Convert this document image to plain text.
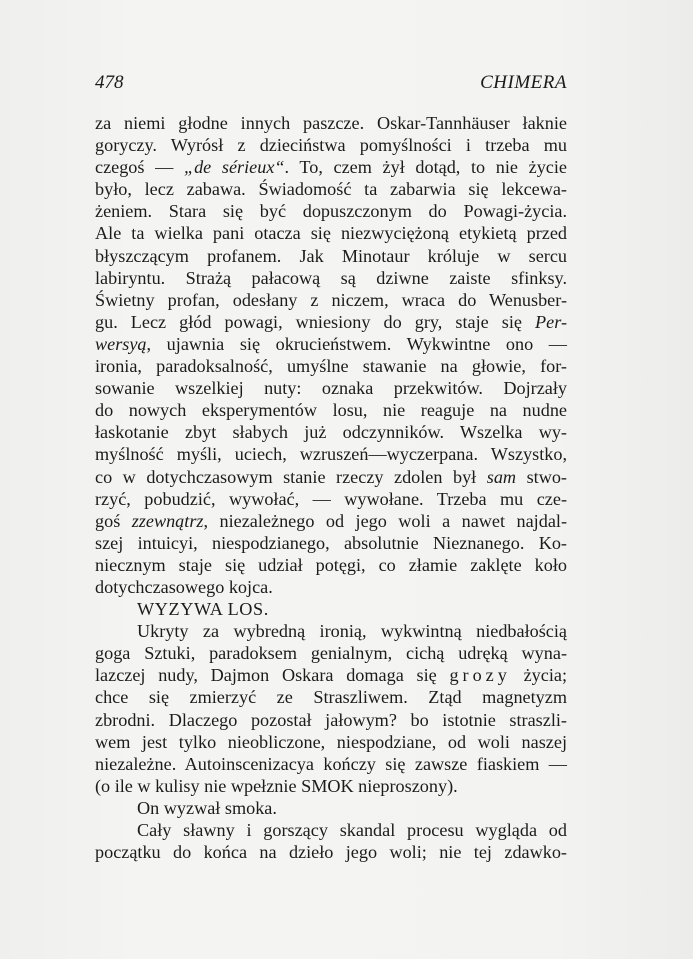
478	CHIMERA
za niemi głodne innych paszcze. Oskar-Tannhäuser łaknie
goryczy. Wyrósł z dzieciństwa pomyślności i trzeba mu
czegoś — „de sérieux“. To, czem żył dotąd, to nie życie
było, lecz zabawa. Świadomość ta zabarwia się lekcewa-
żeniem. Stara się być dopuszczonym do Powagi-życia.
Ale ta wielka pani otacza się niezwyciężoną etykietą przed
błyszczącym profanem. Jak Minotaur króluje w sercu
labiryntu. Strażą pałacową są dziwne zaiste sfinksy.
Świetny profan, odesłany z niczem, wraca do Wenusber-
gu. Lecz głód powagi, wniesiony do gry, staje się Per-
wersyą, ujawnia się okrucieństwem. Wykwintne ono —
ironia, paradoksalność, umyślne stawanie na głowie, for-
sowanie wszelkiej nuty: oznaka przekwitów. Dojrzały
do nowych eksperymentów losu, nie reaguje na nudne
łaskotanie zbyt słabych już odczynników. Wszelka wy-
myślność myśli, uciech, wzruszeń—wyczerpana. Wszystko,
co w dotychczasowym stanie rzeczy zdolen był sam stwo-
rzyć, pobudzić, wywołać, — wywołane. Trzeba mu cze-
goś zzewnątrz, niezależnego od jego woli a nawet najdal-
szej intuicyi, niespodzianego, absolutnie Nieznanego. Ko-
niecznym staje się udział potęgi, co złamie zaklęte koło
dotychczasowego kojca.
WYZYWA LOS.
Ukryty za wybredną ironią, wykwintną niedbałością
goga Sztuki, paradoksem genialnym, cichą udręką wyna-
lazczej nudy, Dajmon Oskara domaga się grozy życia;
chce się zmierzyć ze Straszliwem. Ztąd magnetyzm
zbrodni. Dlaczego pozostał jałowym? bo istotnie straszli-
wem jest tylko nieobliczone, niespodziane, od woli naszej
niezależne. Autoinscenizacya kończy się zawsze fiaskiem —
(o ile w kulisy nie wpełznie SMOK nieproszony).
On wyzwał smoka.
Cały sławny i gorszący skandal procesu wygląda od
początku do końca na dzieło jego woli; nie tej zdawko-
